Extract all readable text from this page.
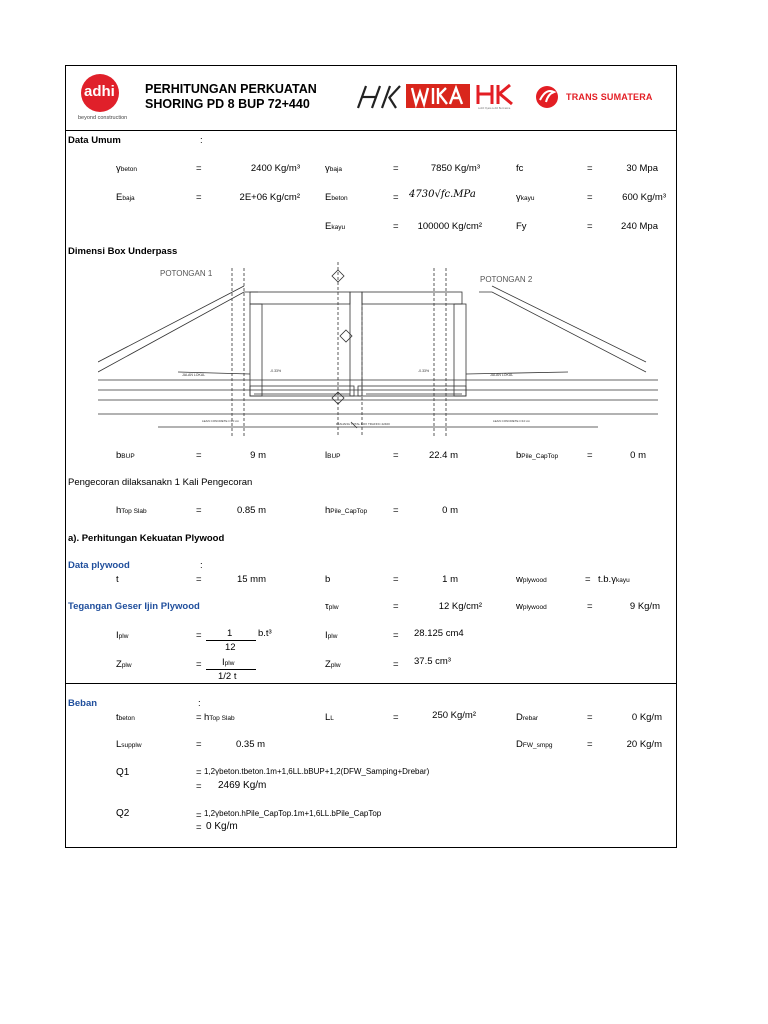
adhi
beyond construction
PERHITUNGAN PERKUATAN
SHORING PD 8 BUP 72+440	Lebih Nyata Lebih Bermakna
TRANS SUMATERA
Data Umum	:
γbeton	=	2400 Kg/m³	γbaja	=	7850 Kg/m³	fc	=	30 Mpa
Ebaja	=	2E+06 Kg/cm²	Ebeton	= 4730√fc.MPa	γkayu	=	600 Kg/m³
Ekayu	=	100000 Kg/cm²	Fy	=	240 Mpa
Dimensi Box Underpass
POTONGAN 1
POTONGAN 2
JALAN LOKAL	JALAN LOKAL
-0.33%	-0.33%
LEAN CONCRETE t=10 cm	LEAN CONCRETE t=10 cm
PANJANG TOTAL BOX TRAFFIC 22400
bBUP	=	9 m	lBUP	=	22.4 m	bPile_CapTop	=	0 m
Pengecoran dilaksanakn 1 Kali Pengecoran
hTop Slab	=	0.85 m	hPile_CapTop	=	0 m
a). Perhitungan Kekuatan Plywood
Data plywood	:
t	=	15 mm	b	=	1 m	wplywood	= t.b.γkayu
Tegangan Geser Ijin Plywood	τplw	=	12 Kg/cm²	wplywood	=	9 Kg/m
Iplw	=	1
12
b.t³	Iplw	= 28.125 cm4
Zplw	= Iplw
1/2 t
Zplw	= 37.5 cm³
Beban	:
tbeton	= hTop Slab	LL	=	250 Kg/m²	Drebar	=	0 Kg/m
Lsupplw	=	0.35 m	DFW_smpg	=	20 Kg/m
Q1	= 1,2γbeton.tbeton.1m+1,6LL.bBUP+1,2(DFW_Samping+Drebar)
= 2469 Kg/m
Q2	= 1,2γbeton.hPile_CapTop.1m+1,6LL.bPile_CapTop
= 0 Kg/m
